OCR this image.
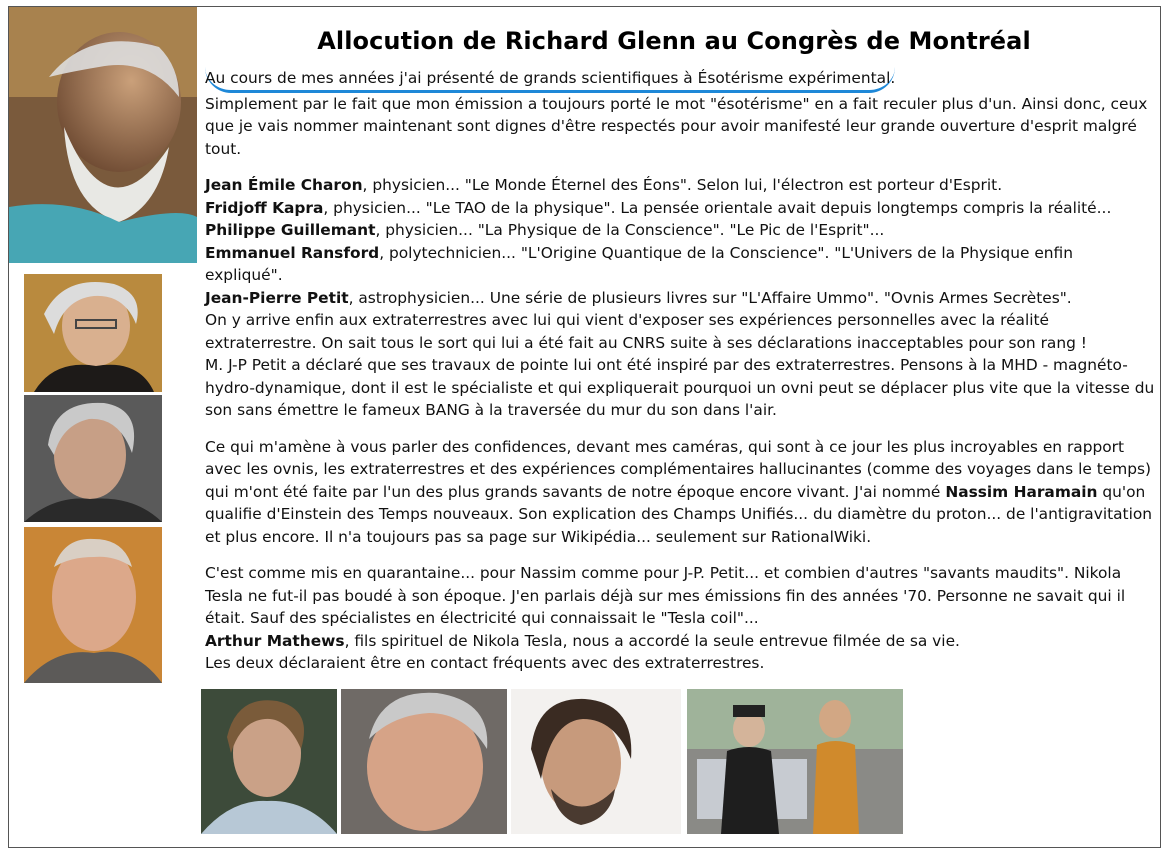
Allocution de Richard Glenn au Congrès de Montréal

Au cours de mes années j'ai présenté de grands scientifiques à Ésotérisme expérimental.

Simplement par le fait que mon émission a toujours porté le mot "ésotérisme" en a fait reculer plus d'un. Ainsi donc, ceux que je vais nommer maintenant sont dignes d'être respectés pour avoir manifesté leur grande ouverture d'esprit malgré tout.

Jean Émile Charon, physicien... "Le Monde Éternel des Éons". Selon lui, l'électron est porteur d'Esprit.

Fridjoff Kapra, physicien... "Le TAO de la physique". La pensée orientale avait depuis longtemps compris la réalité...

Philippe Guillemant, physicien... "La Physique de la Conscience". "Le Pic de l'Esprit"...

Emmanuel Ransford, polytechnicien... "L'Origine Quantique de la Conscience". "L'Univers de la Physique enfin expliqué".

Jean-Pierre Petit, astrophysicien... Une série de plusieurs livres sur "L'Affaire Ummo". "Ovnis Armes Secrètes".

On y arrive enfin aux extraterrestres avec lui qui vient d'exposer ses expériences personnelles avec la réalité extraterrestre. On sait tous le sort qui lui a été fait au CNRS suite à ses déclarations inacceptables pour son rang !

M. J-P Petit a déclaré que ses travaux de pointe lui ont été inspiré par des extraterrestres. Pensons à la MHD - magnéto-hydro-dynamique, dont il est le spécialiste et qui expliquerait pourquoi un ovni peut se déplacer plus vite que la vitesse du son sans émettre le fameux BANG à la traversée du mur du son dans l'air.

Ce qui m'amène à vous parler des confidences, devant mes caméras, qui sont à ce jour les plus incroyables en rapport avec les ovnis, les extraterrestres et des expériences complémentaires hallucinantes (comme des voyages dans le temps) qui m'ont été faite par l'un des plus grands savants de notre époque encore vivant. J'ai nommé Nassim Haramain qu'on qualifie d'Einstein des Temps nouveaux. Son explication des Champs Unifiés... du diamètre du proton... de l'antigravitation et plus encore. Il n'a toujours pas sa page sur Wikipédia... seulement sur RationalWiki.

C'est comme mis en quarantaine... pour Nassim comme pour J-P. Petit... et combien d'autres "savants maudits". Nikola Tesla ne fut-il pas boudé à son époque. J'en parlais déjà sur mes émissions fin des années '70. Personne ne savait qui il était. Sauf des spécialistes en électricité qui connaissait le "Tesla coil"...

Arthur Mathews, fils spirituel de Nikola Tesla, nous a accordé la seule entrevue filmée de sa vie.

Les deux déclaraient être en contact fréquents avec des extraterrestres.
